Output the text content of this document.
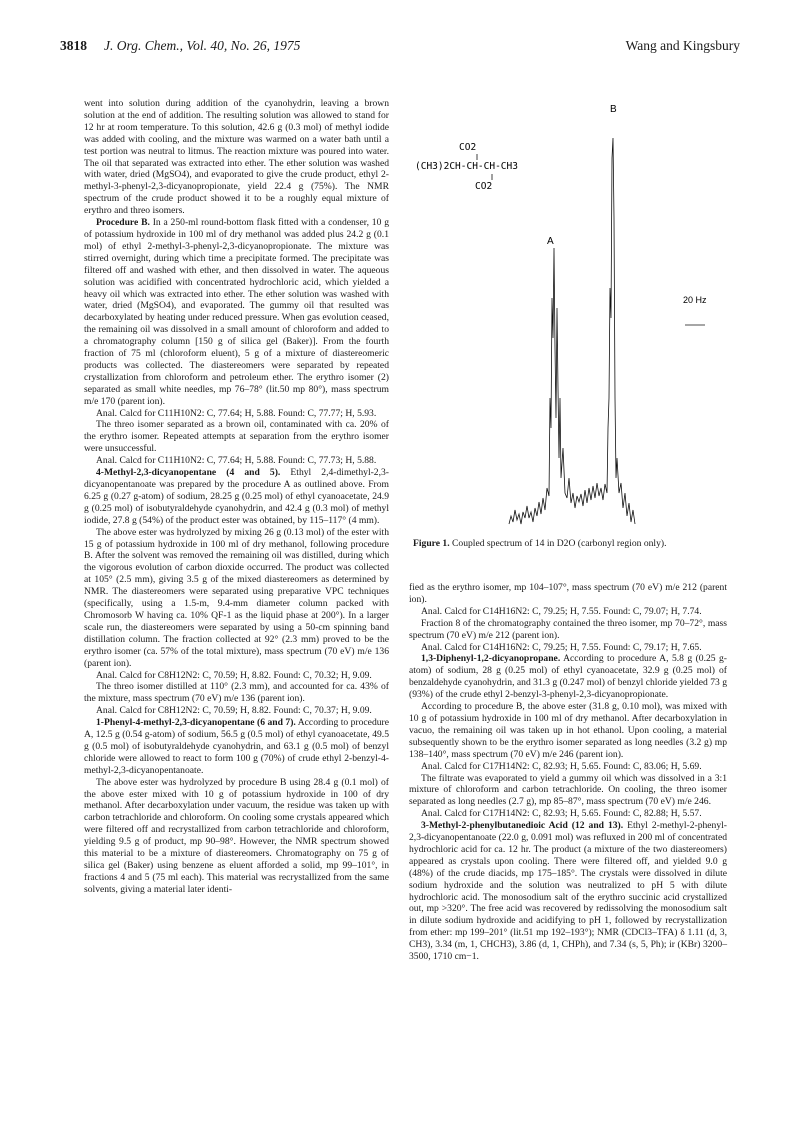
3818 J. Org. Chem., Vol. 40, No. 26, 1975	Wang and Kingsbury

went into solution during addition of the cyanohydrin, leaving a brown solution at the end of addition. The resulting solution was allowed to stand for 12 hr at room temperature. To this solution, 42.6 g (0.3 mol) of methyl iodide was added with cooling, and the mixture was warmed on a water bath until a test portion was neutral to litmus. The reaction mixture was poured into water. The oil that separated was extracted into ether. The ether solution was washed with water, dried (MgSO4), and evaporated to give the crude product, ethyl 2-methyl-3-phenyl-2,3-dicyanopropionate, yield 22.4 g (75%). The NMR spectrum of the crude product showed it to be a roughly equal mixture of erythro and threo isomers.

Procedure B. In a 250-ml round-bottom flask fitted with a condenser, 10 g of potassium hydroxide in 100 ml of dry methanol was added plus 24.2 g (0.1 mol) of ethyl 2-methyl-3-phenyl-2,3-dicyanopropionate. The mixture was stirred overnight, during which time a precipitate formed. The precipitate was filtered off and washed with ether, and then dissolved in water. The aqueous solution was acidified with concentrated hydrochloric acid, which yielded a heavy oil which was extracted into ether. The ether solution was washed with water, dried (MgSO4), and evaporated. The gummy oil that resulted was decarboxylated by heating under reduced pressure. When gas evolution ceased, the remaining oil was dissolved in a small amount of chloroform and added to a chromatography column [150 g of silica gel (Baker)]. From the fourth fraction of 75 ml (chloroform eluent), 5 g of a mixture of diastereomeric products was collected. The diastereomers were separated by repeated crystallization from chloroform and petroleum ether. The erythro isomer (2) separated as small white needles, mp 76–78° (lit.50 mp 80°), mass spectrum m/e 170 (parent ion).

Anal. Calcd for C11H10N2: C, 77.64; H, 5.88. Found: C, 77.77; H, 5.93.

The threo isomer separated as a brown oil, contaminated with ca. 20% of the erythro isomer. Repeated attempts at separation from the erythro isomer were unsuccessful.

Anal. Calcd for C11H10N2: C, 77.64; H, 5.88. Found: C, 77.73; H, 5.88.

4-Methyl-2,3-dicyanopentane (4 and 5). Ethyl 2,4-dimethyl-2,3-dicyanopentanoate was prepared by the procedure A as outlined above. From 6.25 g (0.27 g-atom) of sodium, 28.25 g (0.25 mol) of ethyl cyanoacetate, 24.9 g (0.25 mol) of isobutyraldehyde cyanohydrin, and 42.4 g (0.3 mol) of methyl iodide, 27.8 g (54%) of the product ester was obtained, by 115–117° (4 mm).

The above ester was hydrolyzed by mixing 26 g (0.13 mol) of the ester with 15 g of potassium hydroxide in 100 ml of dry methanol, following procedure B. After the solvent was removed the remaining oil was distilled, during which the vigorous evolution of carbon dioxide occurred. The product was collected at 105° (2.5 mm), giving 3.5 g of the mixed diastereomers as determined by NMR. The diastereomers were separated using preparative VPC techniques (specifically, using a 1.5-m, 9.4-mm diameter column packed with Chromosorb W having ca. 10% QF-1 as the liquid phase at 200°). In a larger scale run, the diastereomers were separated by using a 50-cm spinning band distillation column. The fraction collected at 92° (2.3 mm) proved to be the erythro isomer (ca. 57% of the total mixture), mass spectrum (70 eV) m/e 136 (parent ion).

Anal. Calcd for C8H12N2: C, 70.59; H, 8.82. Found: C, 70.32; H, 9.09.

The threo isomer distilled at 110° (2.3 mm), and accounted for ca. 43% of the mixture, mass spectrum (70 eV) m/e 136 (parent ion).

Anal. Calcd for C8H12N2: C, 70.59; H, 8.82. Found: C, 70.37; H, 9.09.

1-Phenyl-4-methyl-2,3-dicyanopentane (6 and 7). According to procedure A, 12.5 g (0.54 g-atom) of sodium, 56.5 g (0.5 mol) of ethyl cyanoacetate, 49.5 g (0.5 mol) of isobutyraldehyde cyanohydrin, and 63.1 g (0.5 mol) of benzyl chloride were allowed to react to form 100 g (70%) of crude ethyl 2-benzyl-4-methyl-2,3-dicyanopentanoate.

The above ester was hydrolyzed by procedure B using 28.4 g (0.1 mol) of the above ester mixed with 10 g of potassium hydroxide in 100 of dry methanol. After decarboxylation under vacuum, the residue was taken up with carbon tetrachloride and chloroform. On cooling some crystals appeared which were filtered off and recrystallized from carbon tetrachloride and chloroform, yielding 9.5 g of product, mp 90–98°. However, the NMR spectrum showed this material to be a mixture of diastereomers. Chromatography on 75 g of silica gel (Baker) using benzene as eluent afforded a solid, mp 99–101°, in fractions 4 and 5 (75 ml each). This material was recrystallized from the same solvents, giving a material later identi-

A
B
CO2
(CH3)2CH-CH-CH-CH3
CO2
20 Hz
Figure 1. Coupled spectrum of 14 in D2O (carbonyl region only).

fied as the erythro isomer, mp 104–107°, mass spectrum (70 eV) m/e 212 (parent ion).

Anal. Calcd for C14H16N2: C, 79.25; H, 7.55. Found: C, 79.07; H, 7.74.

Fraction 8 of the chromatography contained the threo isomer, mp 70–72°, mass spectrum (70 eV) m/e 212 (parent ion).

Anal. Calcd for C14H16N2: C, 79.25; H, 7.55. Found: C, 79.17; H, 7.65.

1,3-Diphenyl-1,2-dicyanopropane. According to procedure A, 5.8 g (0.25 g-atom) of sodium, 28 g (0.25 mol) of ethyl cyanoacetate, 32.9 g (0.25 mol) of benzaldehyde cyanohydrin, and 31.3 g (0.247 mol) of benzyl chloride yielded 73 g (93%) of the crude ethyl 2-benzyl-3-phenyl-2,3-dicyanopropionate.

According to procedure B, the above ester (31.8 g, 0.10 mol), was mixed with 10 g of potassium hydroxide in 100 ml of dry methanol. After decarboxylation in vacuo, the remaining oil was taken up in hot ethanol. Upon cooling, a material subsequently shown to be the erythro isomer separated as long needles (3.2 g) mp 138–140°, mass spectrum (70 eV) m/e 246 (parent ion).

Anal. Calcd for C17H14N2: C, 82.93; H, 5.65. Found: C, 83.06; H, 5.69.

The filtrate was evaporated to yield a gummy oil which was dissolved in a 3:1 mixture of chloroform and carbon tetrachloride. On cooling, the threo isomer separated as long needles (2.7 g), mp 85–87°, mass spectrum (70 eV) m/e 246.

Anal. Calcd for C17H14N2: C, 82.93; H, 5.65. Found: C, 82.88; H, 5.57.

3-Methyl-2-phenylbutanedioic Acid (12 and 13). Ethyl 2-methyl-2-phenyl-2,3-dicyanopentanoate (22.0 g, 0.091 mol) was refluxed in 200 ml of concentrated hydrochloric acid for ca. 12 hr. The product (a mixture of the two diastereomers) appeared as crystals upon cooling. There were filtered off, and yielded 9.0 g (48%) of the crude diacids, mp 175–185°. The crystals were dissolved in dilute sodium hydroxide and the solution was neutralized to pH 5 with dilute hydrochloric acid. The monosodium salt of the erythro succinic acid crystallized out, mp >320°. The free acid was recovered by redissolving the monosodium salt in dilute sodium hydroxide and acidifying to pH 1, followed by recrystallization from ether: mp 199–201° (lit.51 mp 192–193°); NMR (CDCl3–TFA) δ 1.11 (d, 3, CH3), 3.34 (m, 1, CHCH3), 3.86 (d, 1, CHPh), and 7.34 (s, 5, Ph); ir (KBr) 3200–3500, 1710 cm−1.
